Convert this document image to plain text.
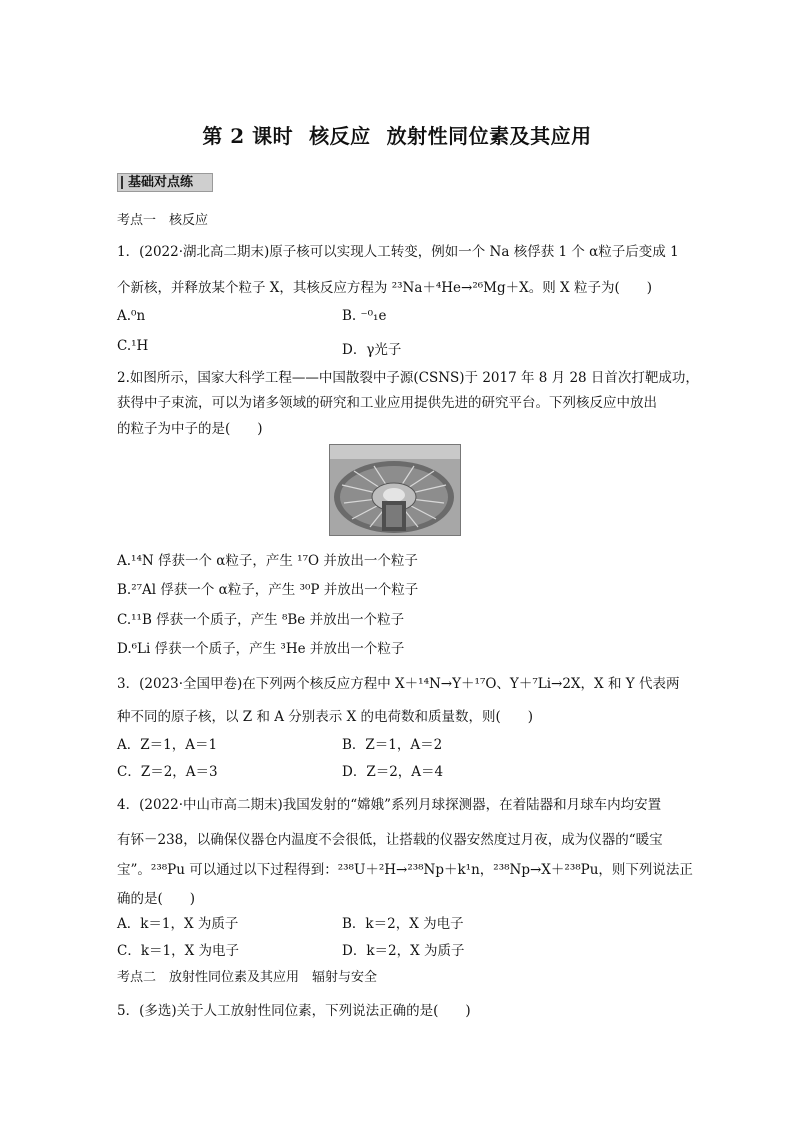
第 2 课时 核反应 放射性同位素及其应用
基础对点练
考点一　核反应
1．(2022·湖北高二期末)原子核可以实现人工转变，例如一个 Na 核俘获 1 个 α粒子后变成 1
个新核，并释放某个粒子 X，其核反应方程为 ²³Na＋⁴He→²⁶Mg＋X。则 X 粒子为(　　)
A.⁰n	B. ⁻⁰₁e
C.¹H	D．γ光子
2.如图所示，国家大科学工程——中国散裂中子源(CSNS)于 2017 年 8 月 28 日首次打靶成功，
获得中子束流，可以为诸多领域的研究和工业应用提供先进的研究平台。下列核反应中放出
的粒子为中子的是(　　)
A.¹⁴N 俘获一个 α粒子，产生 ¹⁷O 并放出一个粒子
B.²⁷Al 俘获一个 α粒子，产生 ³⁰P 并放出一个粒子
C.¹¹B 俘获一个质子，产生 ⁸Be 并放出一个粒子
D.⁶Li 俘获一个质子，产生 ³He 并放出一个粒子
3．(2023·全国甲卷)在下列两个核反应方程中 X＋¹⁴N→Y＋¹⁷O、Y＋⁷Li→2X，X 和 Y 代表两
种不同的原子核，以 Z 和 A 分别表示 X 的电荷数和质量数，则(　　)
A．Z＝1，A＝1	B．Z＝1，A＝2
C．Z＝2，A＝3	D．Z＝2，A＝4
4．(2022·中山市高二期末)我国发射的“嫦娥”系列月球探测器，在着陆器和月球车内均安置
有钚－238，以确保仪器仓内温度不会很低，让搭载的仪器安然度过月夜，成为仪器的“暖宝
宝”。²³⁸Pu 可以通过以下过程得到：²³⁸U＋²H→²³⁸Np＋k¹n，²³⁸Np→X＋²³⁸Pu，则下列说法正
确的是(　　)
A．k＝1，X 为质子	B．k＝2，X 为电子
C．k＝1，X 为电子	D．k＝2，X 为质子
考点二　放射性同位素及其应用　辐射与安全
5．(多选)关于人工放射性同位素，下列说法正确的是(　　)
